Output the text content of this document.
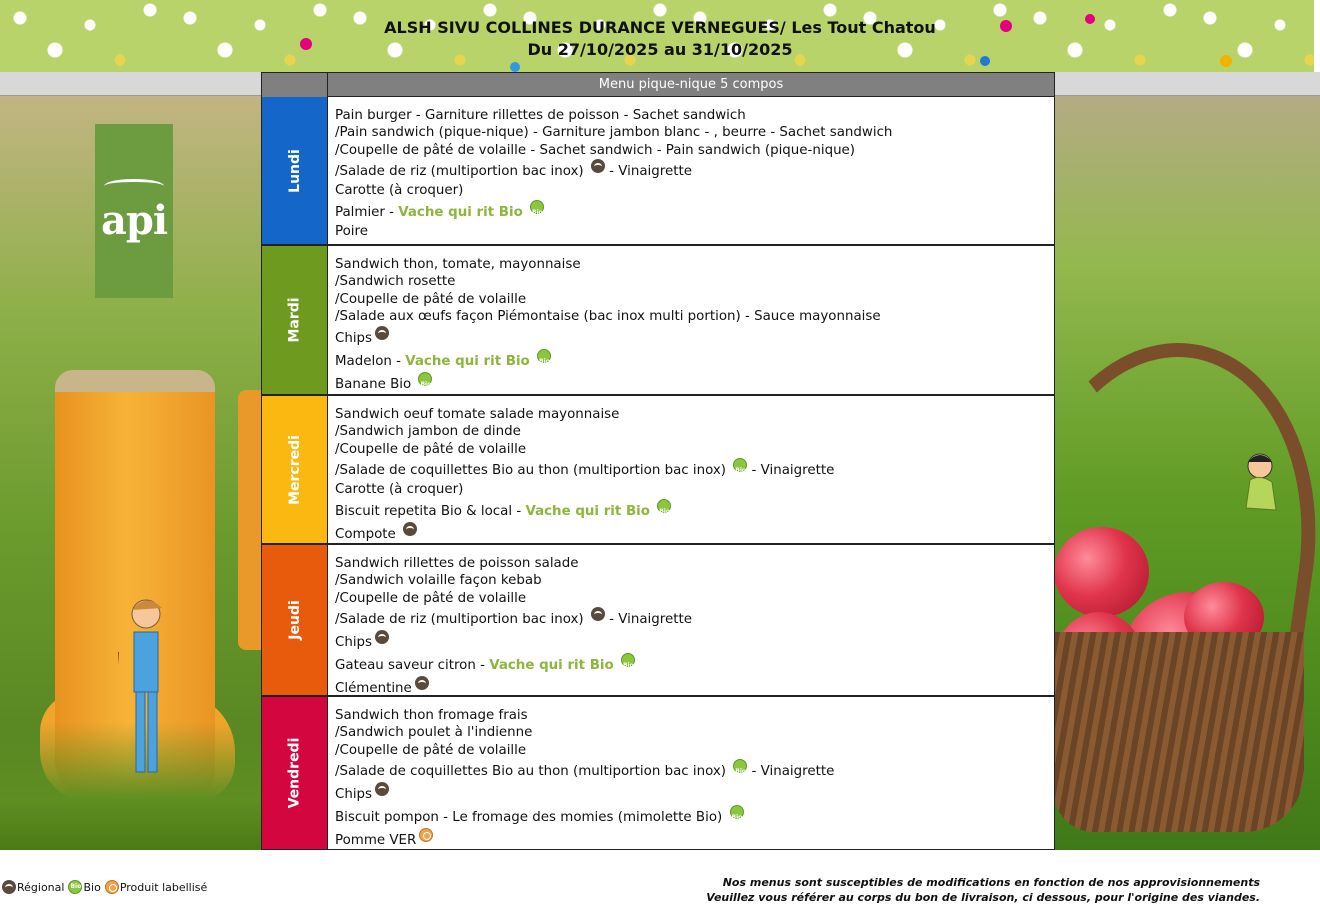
ALSH SIVU COLLINES DURANCE VERNEGUES/ Les Tout Chatou
Du 27/10/2025 au 31/10/2025
api
Menu pique-nique 5 compos
Lundi
Pain burger - Garniture rillettes de poisson - Sachet sandwich
/Pain sandwich (pique-nique) - Garniture jambon blanc - , beurre - Sachet sandwich
/Coupelle de pâté de volaille - Sachet sandwich - Pain sandwich (pique-nique)
/Salade de riz (multiportion bac inox)  - Vinaigrette
Carotte (à croquer)
Palmier - Vache qui rit Bio Bio
Poire
Mardi
Sandwich thon, tomate, mayonnaise
/Sandwich rosette
/Coupelle de pâté de volaille
/Salade aux œufs façon Piémontaise (bac inox multi portion) - Sauce mayonnaise
Chips
Madelon - Vache qui rit Bio Bio
Banane Bio Bio
Mercredi
Sandwich oeuf tomate salade mayonnaise
/Sandwich jambon de dinde
/Coupelle de pâté de volaille
/Salade de coquillettes Bio au thon (multiportion bac inox) Bio - Vinaigrette
Carotte (à croquer)
Biscuit repetita Bio & local - Vache qui rit Bio Bio
Compote
Jeudi
Sandwich rillettes de poisson salade
/Sandwich volaille façon kebab
/Coupelle de pâté de volaille
/Salade de riz (multiportion bac inox)  - Vinaigrette
Chips
Gateau saveur citron - Vache qui rit Bio Bio
Clémentine
Vendredi
Sandwich thon fromage frais
/Sandwich poulet à l'indienne
/Coupelle de pâté de volaille
/Salade de coquillettes Bio au thon (multiportion bac inox) Bio - Vinaigrette
Chips
Biscuit pompon - Le fromage des momies (mimolette Bio) Bio
Pomme VER
Régional
Bio Bio Produit labellisé	Nos menus sont susceptibles de modifications en fonction de nos approvisionnements
Veuillez vous référer au corps du bon de livraison, ci dessous, pour l'origine des viandes.
